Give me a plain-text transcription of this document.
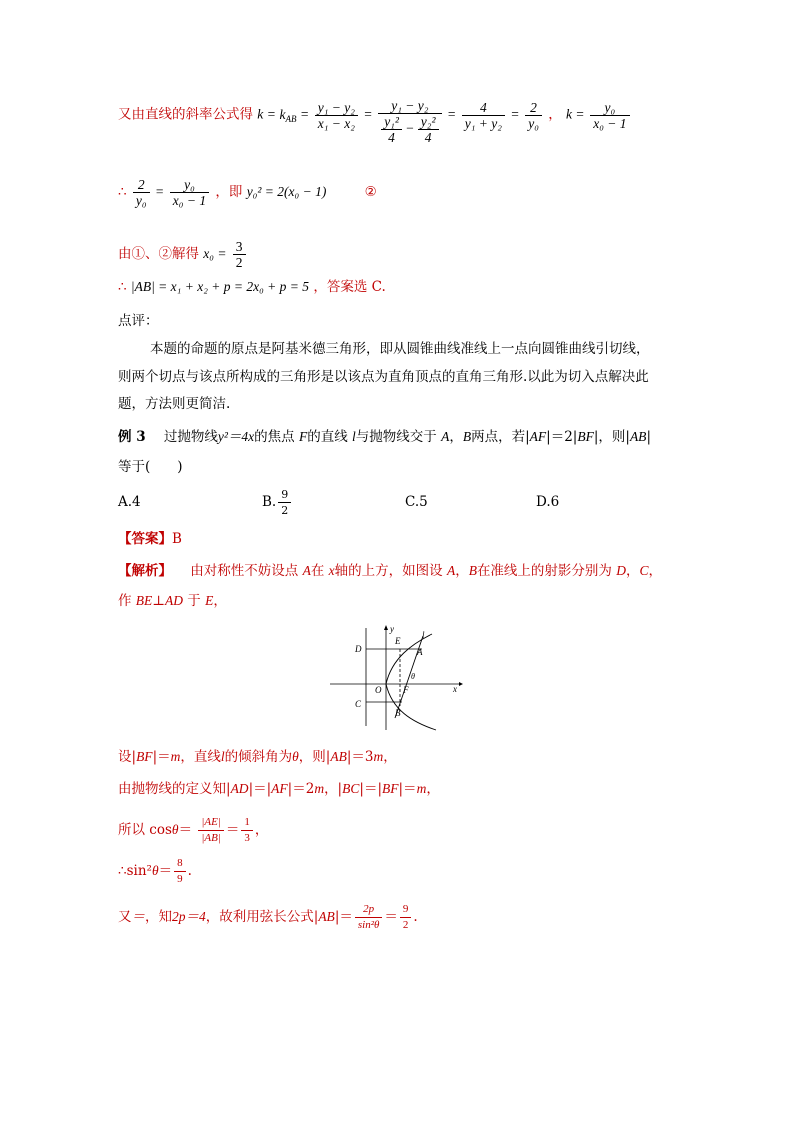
又由直线的斜率公式得 $k = k_{AB} = \frac{\text{y₁ − y₂}}{\text{x₁ − x₂}} = \frac{\text{y₁ − y₂}}{\frac{\text{y₁²}}{4} - \frac{\text{y₂²}}{4}} = \frac{4}{\text{y₁ + y₂}} = \frac{2}{\text{y₀}}$ ， $k = \frac{\text{y₀}}{\text{x₀ − 1}}$
∴ $\frac{2}{\text{y₀}} = \frac{\text{y₀}}{\text{x₀ − 1}}$ ，即 y₀² = 2(x₀ − 1)	②
由①、②解得 $x_0 = \frac{3}{2}$
∴ |AB| = x₁ + x₂ + p = 2x₀ + p = 5 ，答案选 C.
点评：
本题的命题的原点是阿基米德三角形，即从圆锥曲线准线上一点向圆锥曲线引切线，
则两个切点与该点所构成的三角形是以该点为直角顶点的直角三角形.以此为切入点解决此
题，方法则更简洁.
例 3 过抛物线y²＝4x的焦点 F的直线 l与抛物线交于 A，B两点，若|AF|＝2|BF|，则|AB|
等于(　　)
A.4	B. $\frac{9}{2}$	C.5	D.6
【答案】B
【解析】 由对称性不妨设点 A在 x轴的上方，如图设 A，B在准线上的射影分别为 D，C，
作 BE⊥AD 于 E，
y
x
E
l
D	A
θ
O F
C
B
设|BF|＝m，直线l的倾斜角为θ，则|AB|＝3m，
由抛物线的定义知|AD|＝|AF|＝2m，|BC|＝|BF|＝m，
所以 $\cos\theta= \frac{|AE|}{|AB|} = \frac{1}{3}$ ，
∴sin²θ＝ $\frac{8}{9}$ .
又＝，知2p＝4，故利用弦长公式$|AB|= \frac{2p}{\text{sin²θ}} = \frac{9}{2}$ .
